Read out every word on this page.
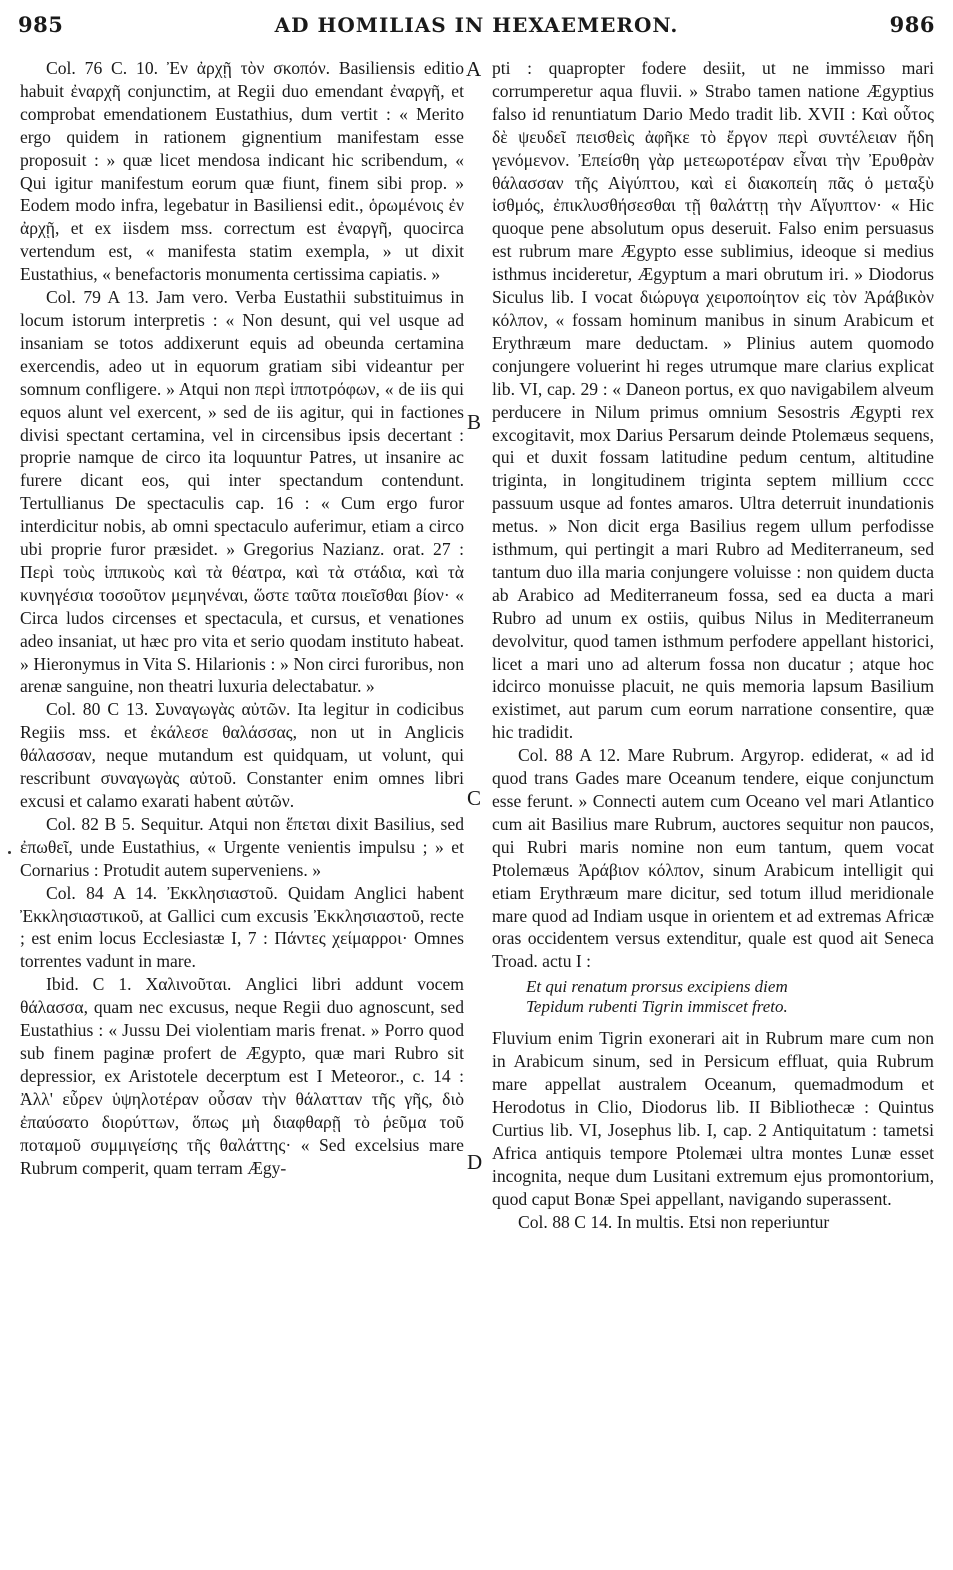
985	AD HOMILIAS IN HEXAEMERON.	986
A
B
C
D

Col. 76 C. 10. Ἐν ἀρχῇ τὸν σκοπόν. Basiliensis editio habuit ἐναρχῆ conjunctim, at Regii duo emendant ἐναργῆ, et comprobat emendationem Eustathius, dum vertit : « Merito ergo quidem in rationem gignentium manifestam esse proposuit : » quæ licet mendosa indicant hic scribendum, « Qui igitur manifestum eorum quæ fiunt, finem sibi prop. » Eodem modo infra, legebatur in Basiliensi edit., ὁρωμένοις ἐν ἀρχῇ, et ex iisdem mss. correctum est ἐναργῆ, quocirca vertendum est, « manifesta statim exempla, » ut dixit Eustathius, « benefactoris monumenta certissima capiatis. »

Col. 79 A 13. Jam vero. Verba Eustathii substituimus in locum istorum interpretis : « Non desunt, qui vel usque ad insaniam se totos addixerunt equis ad obeunda certamina exercendis, adeo ut in equorum gratiam sibi videantur per somnum confligere. » Atqui non περὶ ἱπποτρόφων, « de iis qui equos alunt vel exercent, » sed de iis agitur, qui in factiones divisi spectant certamina, vel in circensibus ipsis decertant : proprie namque de circo ita loquuntur Patres, ut insanire ac furere dicant eos, qui inter spectandum contendunt. Tertullianus De spectaculis cap. 16 : « Cum ergo furor interdicitur nobis, ab omni spectaculo auferimur, etiam a circo ubi proprie furor præsidet. » Gregorius Nazianz. orat. 27 : Περὶ τοὺς ἱππικοὺς καὶ τὰ θέατρα, καὶ τὰ στάδια, καὶ τὰ κυνηγέσια τοσοῦτον μεμηνέναι, ὥστε ταῦτα ποιεῖσθαι βίον· « Circa ludos circenses et spectacula, et cursus, et venationes adeo insaniat, ut hæc pro vita et serio quodam instituto habeat. » Hieronymus in Vita S. Hilarionis : » Non circi furoribus, non arenæ sanguine, non theatri luxuria delectabatur. »

Col. 80 C 13. Συναγωγὰς αὐτῶν. Ita legitur in codicibus Regiis mss. et ἐκάλεσε θαλάσσας, non ut in Anglicis θάλασσαν, neque mutandum est quidquam, ut volunt, qui rescribunt συναγωγὰς αὐτοῦ. Constanter enim omnes libri excusi et calamo exarati habent αὐτῶν.

Col. 82 B 5. Sequitur. Atqui non ἕπεται dixit Basilius, sed ἐπωθεῖ, unde Eustathius, « Urgente venientis impulsu ; » et Cornarius : Protudit autem superveniens. »

Col. 84 A 14. Ἐκκλησιαστοῦ. Quidam Anglici habent Ἐκκλησιαστικοῦ, at Gallici cum excusis Ἐκκλησιαστοῦ, recte ; est enim locus Ecclesiastæ I, 7 : Πάντες χείμαρροι· Omnes torrentes vadunt in mare.

Ibid. C 1. Χαλινοῦται. Anglici libri addunt vocem θάλασσα, quam nec excusus, neque Regii duo agnoscunt, sed Eustathius : « Jussu Dei violentiam maris frenat. » Porro quod sub finem paginæ profert de Ægypto, quæ mari Rubro sit depressior, ex Aristotele decerptum est I Meteoror., c. 14 : Ἀλλ' εὗρεν ὑψηλοτέραν οὖσαν τὴν θάλατταν τῆς γῆς, διὸ ἐπαύσατο διορύττων, ὅπως μὴ διαφθαρῇ τὸ ῥεῦμα τοῦ ποταμοῦ συμμιγείσης τῆς θαλάττης· « Sed excelsius mare Rubrum comperit, quam terram Ægy-

pti : quapropter fodere desiit, ut ne immisso mari corrumperetur aqua fluvii. » Strabo tamen natione Ægyptius falso id renuntiatum Dario Medo tradit lib. XVII : Καὶ οὗτος δὲ ψευδεῖ πεισθεὶς ἀφῆκε τὸ ἔργον περὶ συντέλειαν ἤδη γενόμενον. Ἐπείσθη γὰρ μετεωροτέραν εἶναι τὴν Ἐρυθρὰν θάλασσαν τῆς Αἰγύπτου, καὶ εἰ διακοπείη πᾶς ὁ μεταξὺ ἰσθμός, ἐπικλυσθήσεσθαι τῇ θαλάττῃ τὴν Αἴγυπτον· « Hic quoque pene absolutum opus deseruit. Falso enim persuasus est rubrum mare Ægypto esse sublimius, ideoque si medius isthmus incideretur, Ægyptum a mari obrutum iri. » Diodorus Siculus lib. I vocat διώρυγα χειροποίητον εἰς τὸν Ἀράβικὸν κόλπον, « fossam hominum manibus in sinum Arabicum et Erythræum mare deductam. » Plinius autem quomodo conjungere voluerint hi reges utrumque mare clarius explicat lib. VI, cap. 29 : « Daneon portus, ex quo navigabilem alveum perducere in Nilum primus omnium Sesostris Ægypti rex excogitavit, mox Darius Persarum deinde Ptolemæus sequens, qui et duxit fossam latitudine pedum centum, altitudine triginta, in longitudinem triginta septem millium cccc passuum usque ad fontes amaros. Ultra deterruit inundationis metus. » Non dicit erga Basilius regem ullum perfodisse isthmum, qui pertingit a mari Rubro ad Mediterraneum, sed tantum duo illa maria conjungere voluisse : non quidem ducta ab Arabico ad Mediterraneum fossa, sed ea ducta a mari Rubro ad unum ex ostiis, quibus Nilus in Mediterraneum devolvitur, quod tamen isthmum perfodere appellant historici, licet a mari uno ad alterum fossa non ducatur ; atque hoc idcirco monuisse placuit, ne quis memoria lapsum Basilium existimet, aut parum cum eorum narratione consentire, quæ hic tradidit.

Col. 88 A 12. Mare Rubrum. Argyrop. ediderat, « ad id quod trans Gades mare Oceanum tendere, eique conjunctum esse ferunt. » Connecti autem cum Oceano vel mari Atlantico cum ait Basilius mare Rubrum, auctores sequitur non paucos, qui Rubri maris nomine non eum tantum, quem vocat Ptolemæus Ἀράβιον κόλπον, sinum Arabicum intelligit qui etiam Erythræum mare dicitur, sed totum illud meridionale mare quod ad Indiam usque in orientem et ad extremas Africæ oras occidentem versus extenditur, quale est quod ait Seneca Troad. actu I :

Et qui renatum prorsus excipiens diem
Tepidum rubenti Tigrin immiscet freto.

Fluvium enim Tigrin exonerari ait in Rubrum mare cum non in Arabicum sinum, sed in Persicum effluat, quia Rubrum mare appellat australem Oceanum, quemadmodum et Herodotus in Clio, Diodorus lib. II Bibliothecæ : Quintus Curtius lib. VI, Josephus lib. I, cap. 2 Antiquitatum : tametsi Africa antiquis tempore Ptolemæi ultra montes Lunæ esset incognita, neque dum Lusitani extremum ejus promontorium, quod caput Bonæ Spei appellant, navigando superassent.

Col. 88 C 14. In multis. Etsi non reperiuntur
